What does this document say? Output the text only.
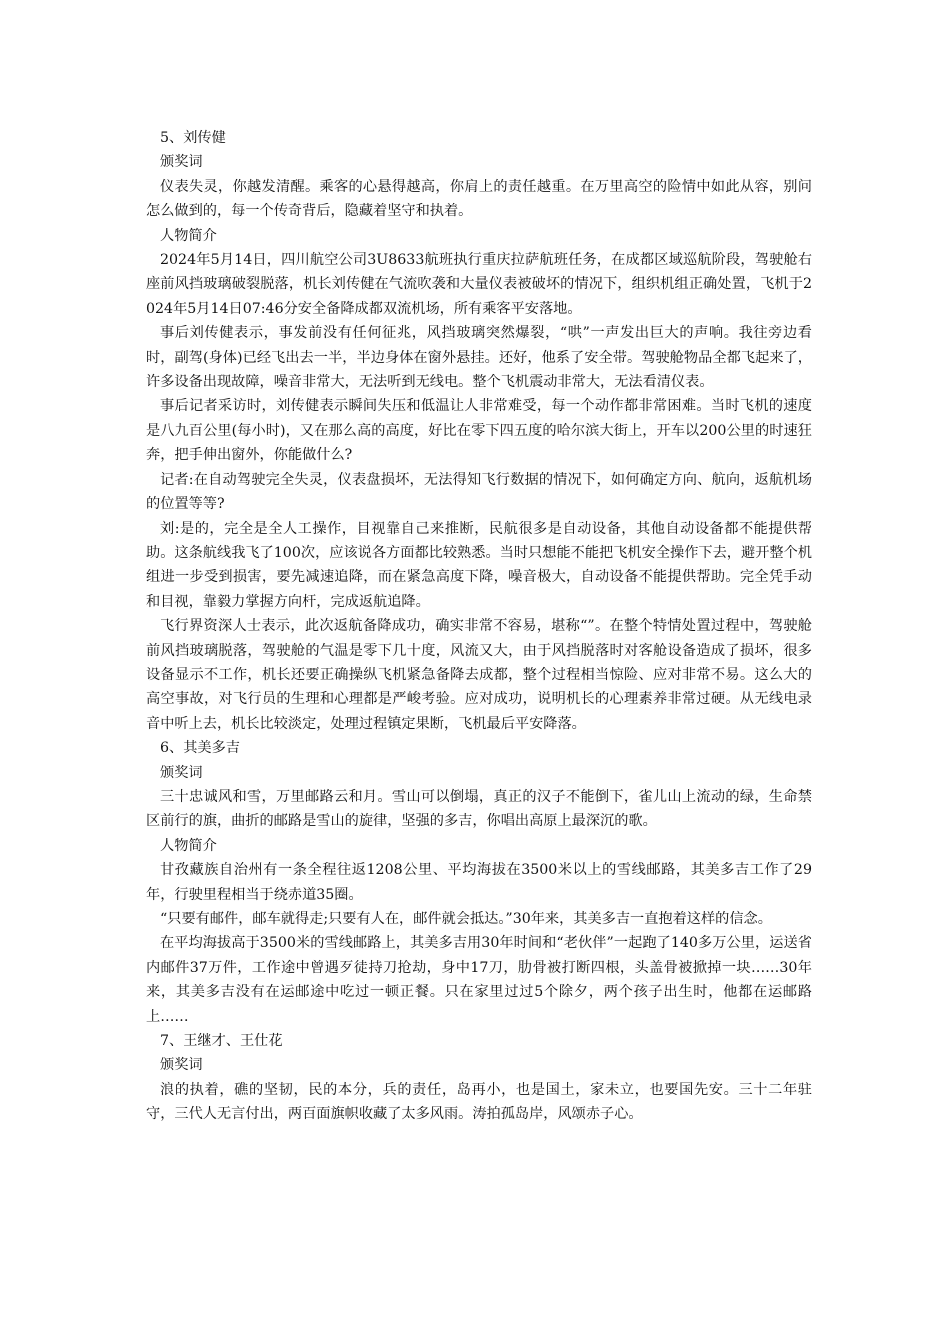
5、刘传健

颁奖词

仪表失灵，你越发清醒。乘客的心悬得越高，你肩上的责任越重。在万里高空的险情中如此从容，别问怎么做到的，每一个传奇背后，隐藏着坚守和执着。

人物简介

2024年5月14日，四川航空公司3U8633航班执行重庆拉萨航班任务，在成都区域巡航阶段，驾驶舱右座前风挡玻璃破裂脱落，机长刘传健在气流吹袭和大量仪表被破坏的情况下，组织机组正确处置，飞机于2024年5月14日07:46分安全备降成都双流机场，所有乘客平安落地。

事后刘传健表示，事发前没有任何征兆，风挡玻璃突然爆裂，“哄”一声发出巨大的声响。我往旁边看时，副驾(身体)已经飞出去一半，半边身体在窗外悬挂。还好，他系了安全带。驾驶舱物品全都飞起来了，许多设备出现故障，噪音非常大，无法听到无线电。整个飞机震动非常大，无法看清仪表。

事后记者采访时，刘传健表示瞬间失压和低温让人非常难受，每一个动作都非常困难。当时飞机的速度是八九百公里(每小时)，又在那么高的高度，好比在零下四五度的哈尔滨大街上，开车以200公里的时速狂奔，把手伸出窗外，你能做什么?

记者:在自动驾驶完全失灵，仪表盘损坏，无法得知飞行数据的情况下，如何确定方向、航向，返航机场的位置等等?

刘:是的，完全是全人工操作，目视靠自己来推断，民航很多是自动设备，其他自动设备都不能提供帮助。这条航线我飞了100次，应该说各方面都比较熟悉。当时只想能不能把飞机安全操作下去，避开整个机组进一步受到损害，要先减速追降，而在紧急高度下降，噪音极大，自动设备不能提供帮助。完全凭手动和目视，靠毅力掌握方向杆，完成返航追降。

飞行界资深人士表示，此次返航备降成功，确实非常不容易，堪称“”。在整个特情处置过程中，驾驶舱前风挡玻璃脱落，驾驶舱的气温是零下几十度，风流又大，由于风挡脱落时对客舱设备造成了损坏，很多设备显示不工作，机长还要正确操纵飞机紧急备降去成都，整个过程相当惊险、应对非常不易。这么大的高空事故，对飞行员的生理和心理都是严峻考验。应对成功，说明机长的心理素养非常过硬。从无线电录音中听上去，机长比较淡定，处理过程镇定果断，飞机最后平安降落。

6、其美多吉

颁奖词

三十忠诚风和雪，万里邮路云和月。雪山可以倒塌，真正的汉子不能倒下，雀儿山上流动的绿，生命禁区前行的旗，曲折的邮路是雪山的旋律，坚强的多吉，你唱出高原上最深沉的歌。

人物简介

甘孜藏族自治州有一条全程往返1208公里、平均海拔在3500米以上的雪线邮路，其美多吉工作了29年，行驶里程相当于绕赤道35圈。

“只要有邮件，邮车就得走;只要有人在，邮件就会抵达。”30年来，其美多吉一直抱着这样的信念。

在平均海拔高于3500米的雪线邮路上，其美多吉用30年时间和“老伙伴”一起跑了140多万公里，运送省内邮件37万件，工作途中曾遇歹徒持刀抢劫，身中17刀，肋骨被打断四根，头盖骨被掀掉一块……30年来，其美多吉没有在运邮途中吃过一顿正餐。只在家里过过5个除夕，两个孩子出生时，他都在运邮路上……

7、王继才、王仕花

颁奖词

浪的执着，礁的坚韧，民的本分，兵的责任，岛再小，也是国土，家未立，也要国先安。三十二年驻守，三代人无言付出，两百面旗帜收藏了太多风雨。涛拍孤岛岸，风颂赤子心。
